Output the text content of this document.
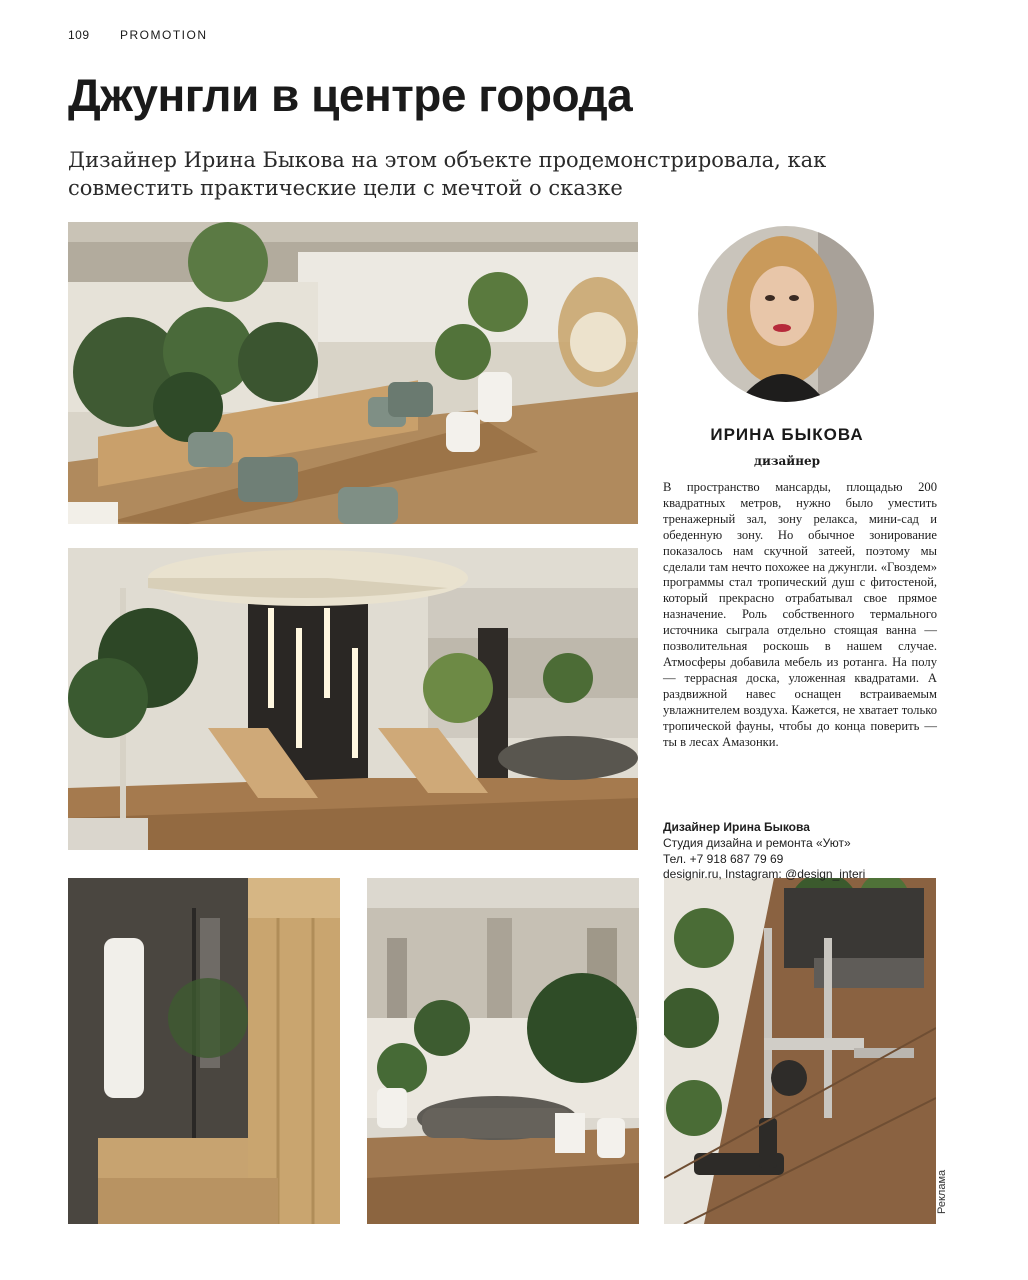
109	PROMOTION
Джунгли в центре города
Дизайнер Ирина Быкова на этом объекте продемонстрировала, как совместить практические цели с мечтой о сказке
ИРИНА БЫКОВА
дизайнер
В пространство мансарды, площадью 200 квадратных метров, нужно было уместить тренажерный зал, зону релакса, мини-сад и обеденную зону. Но обычное зонирование показалось нам скучной затеей, поэтому мы сделали там нечто похожее на джунгли. «Гвоздем» программы стал тропический душ с фитостеной, который прекрасно отрабатывал свое прямое назначение. Роль собственного термального источника сыграла отдельно стоящая ванна — позволительная роскошь в нашем случае. Атмосферы добавила мебель из ротанга. На полу — террасная доска, уложенная квадратами. А раздвижной навес оснащен встраиваемым увлажнителем воздуха. Кажется, не хватает только тропической фауны, чтобы до конца поверить — ты в лесах Амазонки.
Дизайнер Ирина Быкова
Студия дизайна и ремонта «Уют»
Тел. +7 918 687 79 69
designir.ru, Instagram: @design_interi
Реклама
